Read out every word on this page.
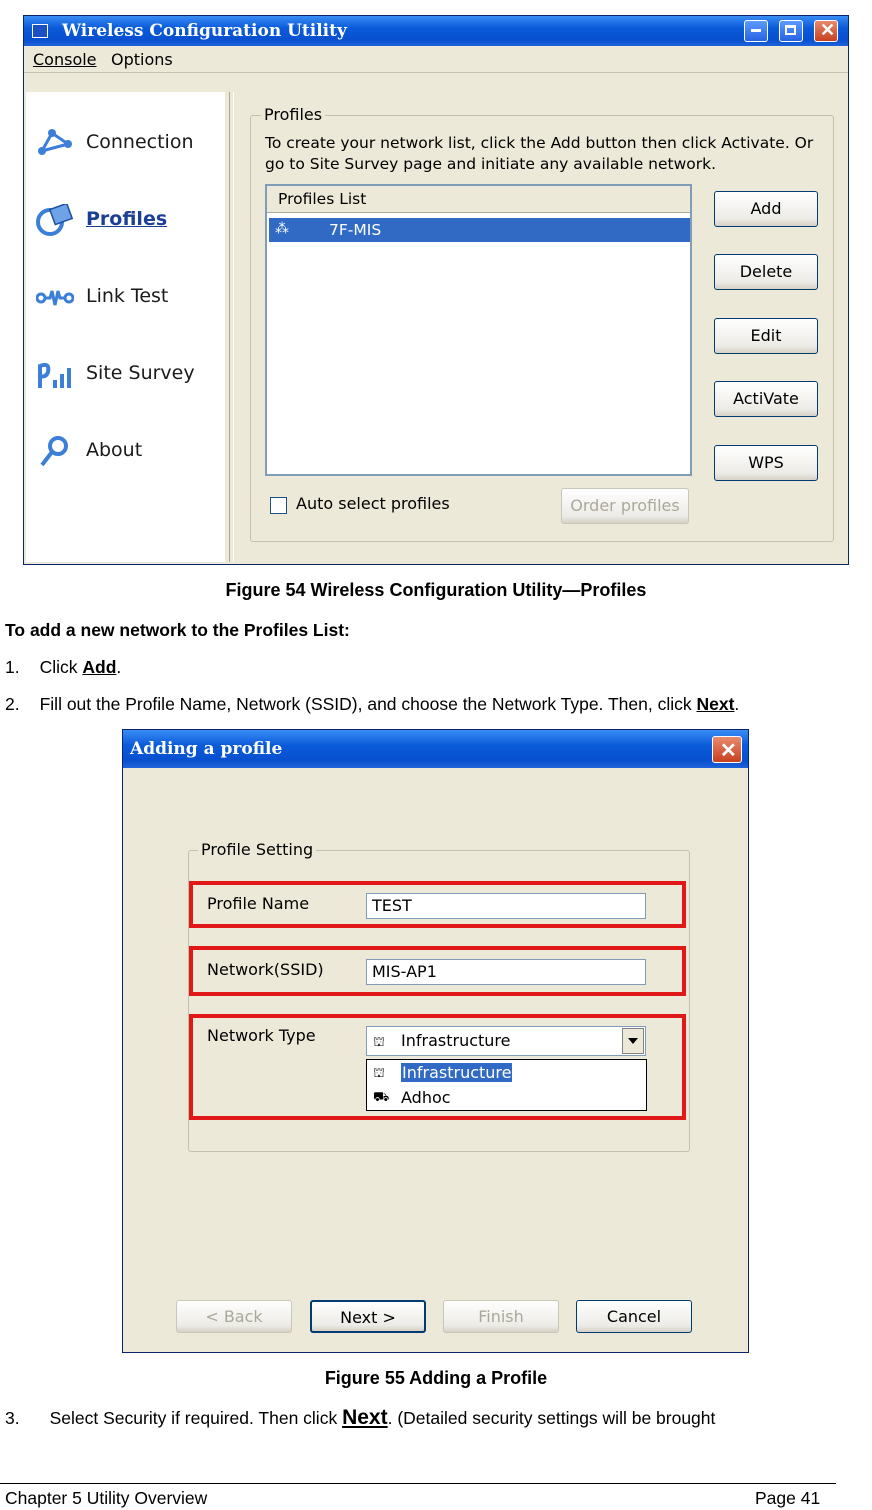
Wireless Configuration Utility	✕
Console Options
Connection
Profiles
Link Test
Site Survey
About
Profiles
To create your network list, click the Add button then click Activate. Or go to Site Survey page and initiate any available network.
Profiles List
⁂	7F-MIS
Add
Delete
Edit
ActiVate
WPS
Auto select profiles	Order profiles
Figure 54 Wireless Configuration Utility—Profiles
To add a new network to the Profiles List:
1. Click Add.
2. Fill out the Profile Name, Network (SSID), and choose the Network Type. Then, click Next.
Adding a profile	✕
Profile Setting
Profile Name	TEST
Network(SSID)	MIS-AP1
Network Type	⛫ Infrastructure
⛫ Infrastructure
⛟ Adhoc
< Back	Next >	Finish	Cancel
Figure 55 Adding a Profile
3. Select Security if required. Then click Next. (Detailed security settings will be brought
Chapter 5 Utility Overview	Page 41
